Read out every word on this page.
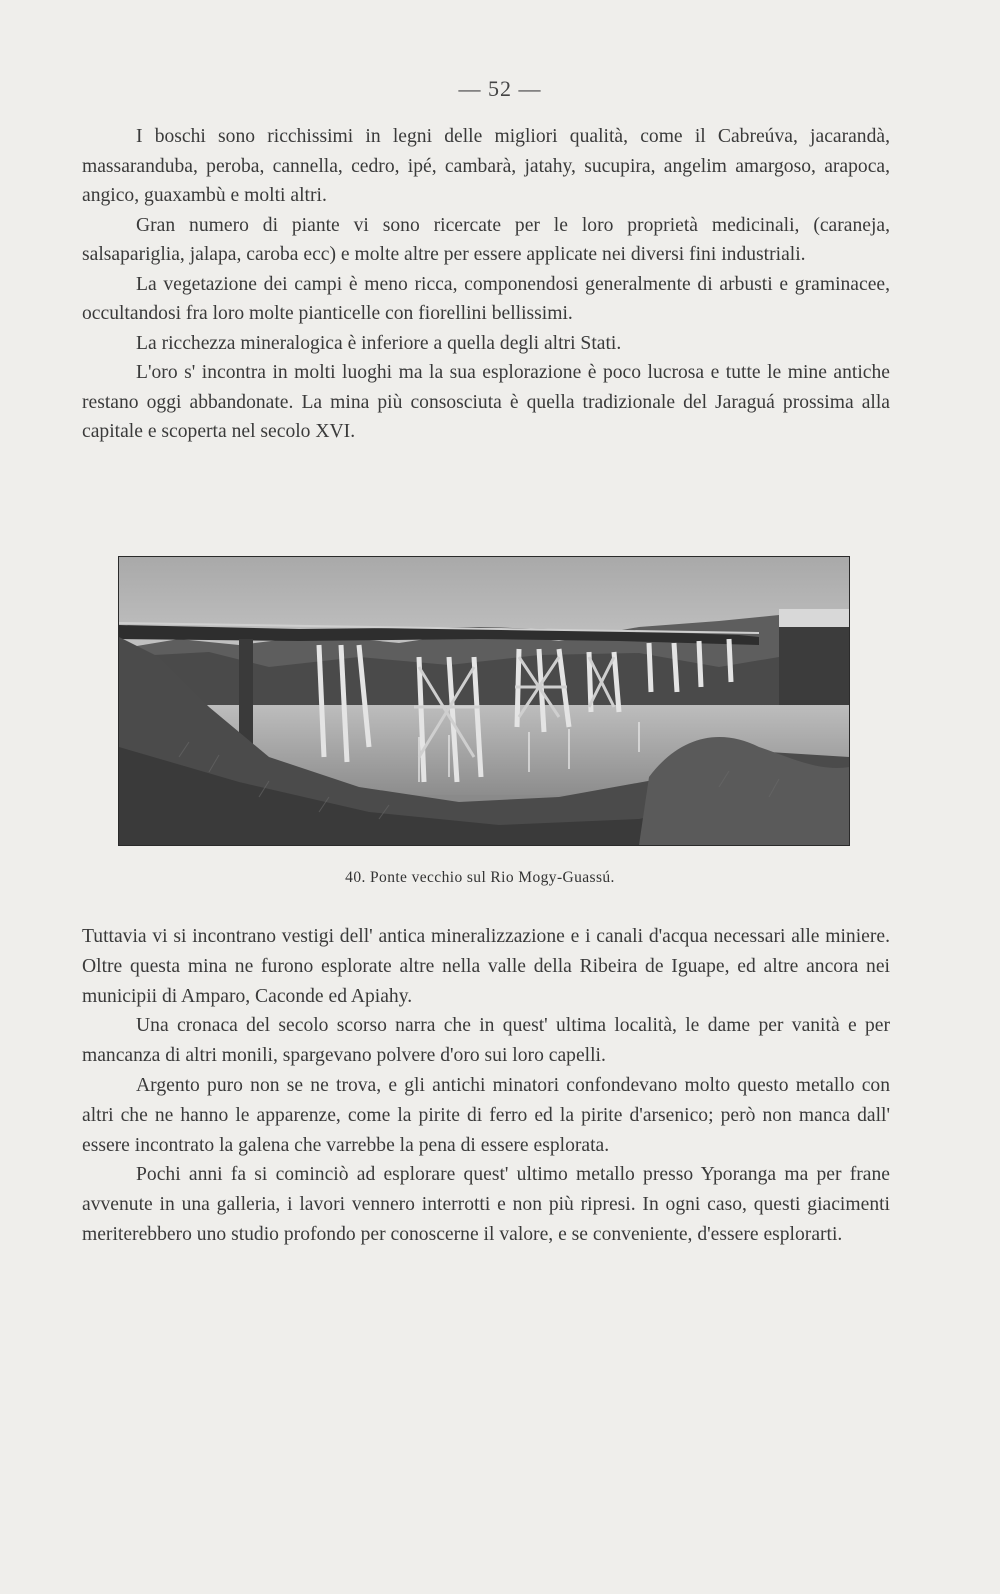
— 52 —

I boschi sono ricchissimi in legni delle migliori qualità, come il Cabreúva, jacarandà, massaranduba, peroba, cannella, cedro, ipé, cambarà, jatahy, sucupira, angelim amargoso, arapoca, angico, guaxambù e molti altri.

Gran numero di piante vi sono ricercate per le loro proprietà medicinali, (caraneja, salsapariglia, jalapa, caroba ecc) e molte altre per essere applicate nei diversi fini industriali.

La vegetazione dei campi è meno ricca, componendosi generalmente di arbusti e graminacee, occultandosi fra loro molte pianticelle con fiorellini bellissimi.

La ricchezza mineralogica è inferiore a quella degli altri Stati.

L'oro s' incontra in molti luoghi ma la sua esplorazione è poco lucrosa e tutte le mine antiche restano oggi abbandonate. La mina più consosciuta è quella tradizionale del Jaraguá prossima alla capitale e scoperta nel secolo XVI.

40. Ponte vecchio sul Rio Mogy-Guassú.

Tuttavia vi si incontrano vestigi dell' antica mineralizzazione e i canali d'acqua necessari alle miniere. Oltre questa mina ne furono esplorate altre nella valle della Ribeira de Iguape, ed altre ancora nei municipii di Amparo, Caconde ed Apiahy.

Una cronaca del secolo scorso narra che in quest' ultima località, le dame per vanità e per mancanza di altri monili, spargevano polvere d'oro sui loro capelli.

Argento puro non se ne trova, e gli antichi minatori confondevano molto questo metallo con altri che ne hanno le apparenze, come la pirite di ferro ed la pirite d'arsenico; però non manca dall' essere incontrato la galena che varrebbe la pena di essere esplorata.

Pochi anni fa si cominciò ad esplorare quest' ultimo metallo presso Yporanga ma per frane avvenute in una galleria, i lavori vennero interrotti e non più ripresi. In ogni caso, questi giacimenti meriterebbero uno studio profondo per conoscerne il valore, e se conveniente, d'essere esplorarti.
